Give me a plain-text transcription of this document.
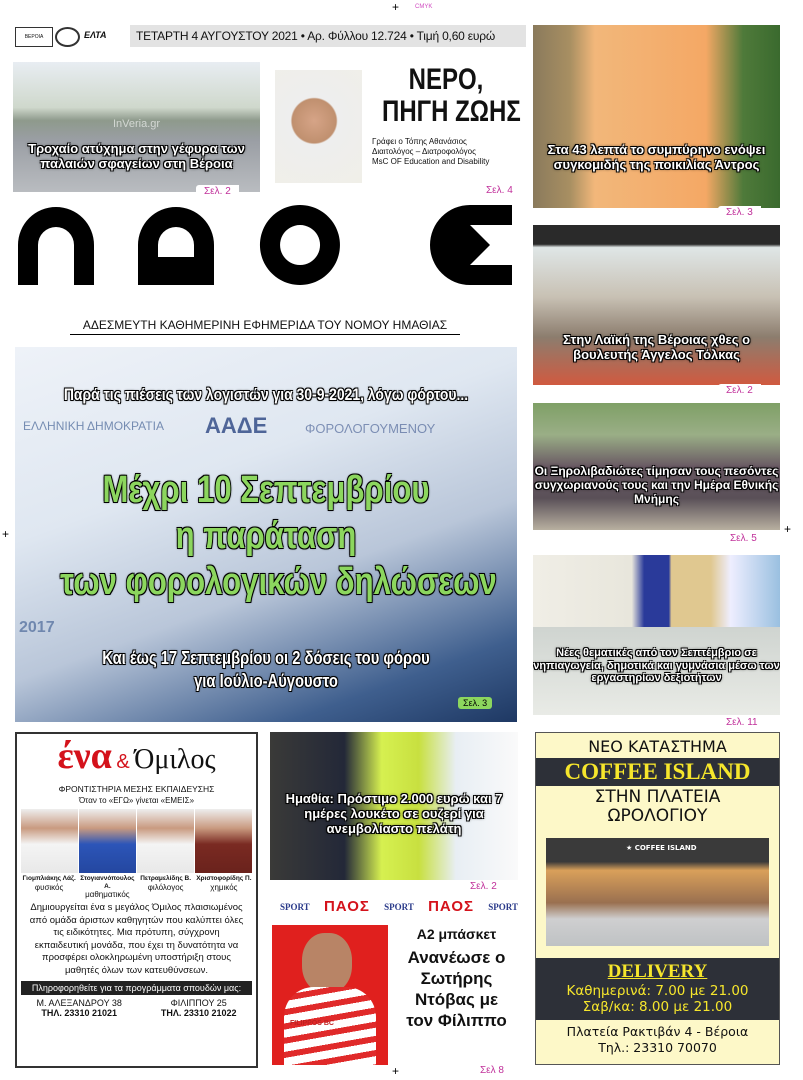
+	CMYK
+	+
+
ΒΕΡΟΙΑ	ΕΛΤΑ	ΤΕΤΑΡΤΗ 4 ΑΥΓΟΥΣΤΟΥ 2021 • Αρ. Φύλλου 12.724 • Τιμή 0,60 ευρώ
InVeria.gr
Τροχαίο ατύχημα στην γέφυρα των παλαιών σφαγείων στη Βέροια
Σελ. 2
ΝΕΡΟ,
ΠΗΓΗ ΖΩΗΣ
Γράφει ο Τόπης Αθανάσιος
Διαιτολόγος – Διατροφολόγος
MsC OF Education and Disability
Σελ. 4
ΑΔΕΣΜΕΥΤΗ ΚΑΘΗΜΕΡΙΝΗ ΕΦΗΜΕΡΙΔΑ ΤΟΥ ΝΟΜΟΥ ΗΜΑΘΙΑΣ
ΕΛΛΗΝΙΚΗ ΔΗΜΟΚΡΑΤΙΑ ΑΑΔΕ	ΦΟΡΟΛΟΓΟΥΜΕΝΟΥ
2017
Παρά τις πιέσεις των λογιστών για 30-9-2021, λόγω φόρτου...
Μέχρι 10 Σεπτεμβρίου
η παράταση
των φορολογικών δηλώσεων
Και έως 17 Σεπτεμβρίου οι 2 δόσεις του φόρου
για Ιούλιο-Αύγουστο
Σελ. 3
Στα 43 λεπτά το συμπύρηνο ενόψει συγκομιδής της ποικιλίας Άντρος
Σελ. 3
Στην Λαϊκή της Βέροιας χθες ο βουλευτής Άγγελος Τόλκας
Σελ. 2
Οι Ξηρολιβαδιώτες τίμησαν τους πεσόντες συγχωριανούς τους και την Ημέρα Εθνικής Μνήμης
Σελ. 5
Νέες θεματικές από τον Σεπτέμβριο σε νηπιαγωγεία, δημοτικά και γυμνάσια μέσω των εργαστηρίων δεξιοτήτων
Σελ. 11
ένα & Όμιλος
ΦΡΟΝΤΙΣΤΗΡΙΑ ΜΕΣΗΣ ΕΚΠΑΙΔΕΥΣΗΣ
Όταν το «ΕΓΩ» γίνεται «ΕΜΕΙΣ»
Γιομπλιάκης Λάζ.
φυσικός
Στογιαννόπουλος Α.
μαθηματικός
Πετραμελίδης Β.
φιλόλογος
Χριστοφορίδης Π.
χημικός
Δημιουργείται ένα s μεγάλος Όμιλος πλαισιωμένος από ομάδα άριστων καθηγητών που καλύπτει όλες τις ειδικότητες. Μια πρότυπη, σύγχρονη εκπαιδευτική μονάδα, που έχει τη δυνατότητα να προσφέρει ολοκληρωμένη υποστήριξη στους μαθητές όλων των κατευθύνσεων.
Πληροφορηθείτε για τα προγράμματα σπουδών μας:
Μ. ΑΛΕΞΑΝΔΡΟΥ 38
ΤΗΛ. 23310 21021
ΦΙΛΙΠΠΟΥ 25
ΤΗΛ. 23310 21022
Ημαθία: Πρόστιμο 2.000 ευρώ και 7 ημέρες λουκέτο σε ουζερί για ανεμβολίαστο πελάτη
Σελ. 2
SPORT ΠΑΟΣ SPORT ΠΑΟΣ SPORT
FILIPPOS BC
Α2 μπάσκετ
Ανανέωσε ο Σωτήρης Ντόβας με τον Φίλιππο
Σελ 8
ΝΕΟ ΚΑΤΑΣΤΗΜΑ
COFFEE ISLAND
ΣΤΗΝ ΠΛΑΤΕΙΑ
ΩΡΟΛΟΓΙΟΥ
★ COFFEE ISLAND
DELIVERY
Καθημερινά: 7.00 με 21.00
Σαβ/κα: 8.00 με 21.00
Πλατεία Ρακτιβάν 4 - Βέροια
Τηλ.: 23310 70070
